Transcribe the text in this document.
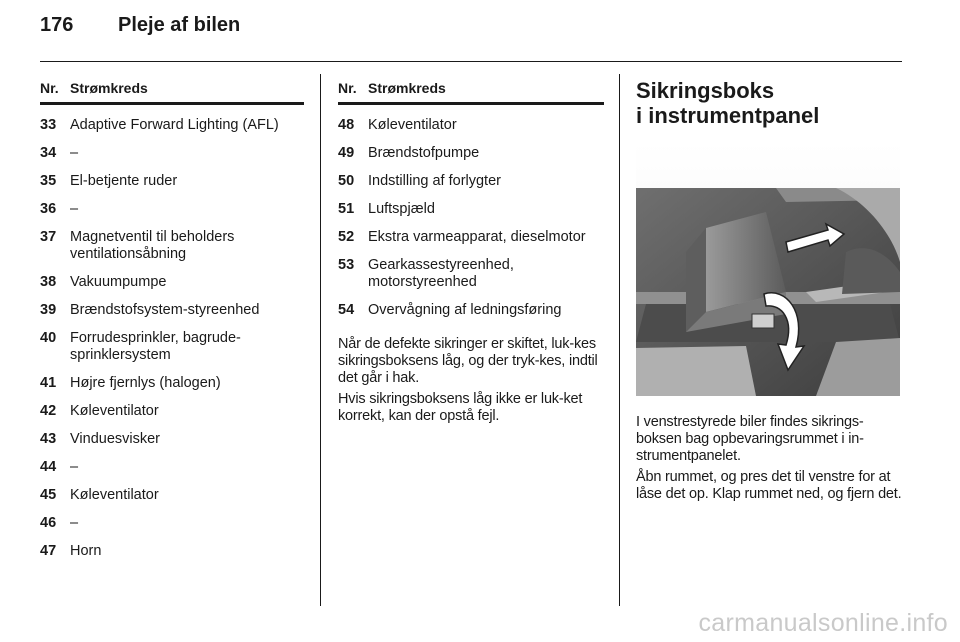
176 Pleje af bilen
Nr. Strømkreds
33 Adaptive Forward Lighting (AFL)
34 –
35 El-betjente ruder
36 –
37 Magnetventil til beholders ventilationsåbning
38 Vakuumpumpe
39 Brændstofsystem-styreenhed
40 Forrudesprinkler, bagrude-sprinklersystem
41 Højre fjernlys (halogen)
42 Køleventilator
43 Vinduesvisker
44 –
45 Køleventilator
46 –
47 Horn
Nr. Strømkreds
48 Køleventilator
49 Brændstofpumpe
50 Indstilling af forlygter
51 Luftspjæld
52 Ekstra varmeapparat, dieselmotor
53 Gearkassestyreenhed, motorstyreenhed
54 Overvågning af ledningsføring

Når de defekte sikringer er skiftet, luk-kes sikringsboksens låg, og der tryk-kes, indtil det går i hak.

Hvis sikringsboksens låg ikke er luk-ket korrekt, kan der opstå fejl.

Sikringsboks
i instrumentpanel

I venstrestyrede biler findes sikrings-boksen bag opbevaringsrummet i in-strumentpanelet.

Åbn rummet, og pres det til venstre for at låse det op. Klap rummet ned, og fjern det.

carmanualsonline.info
